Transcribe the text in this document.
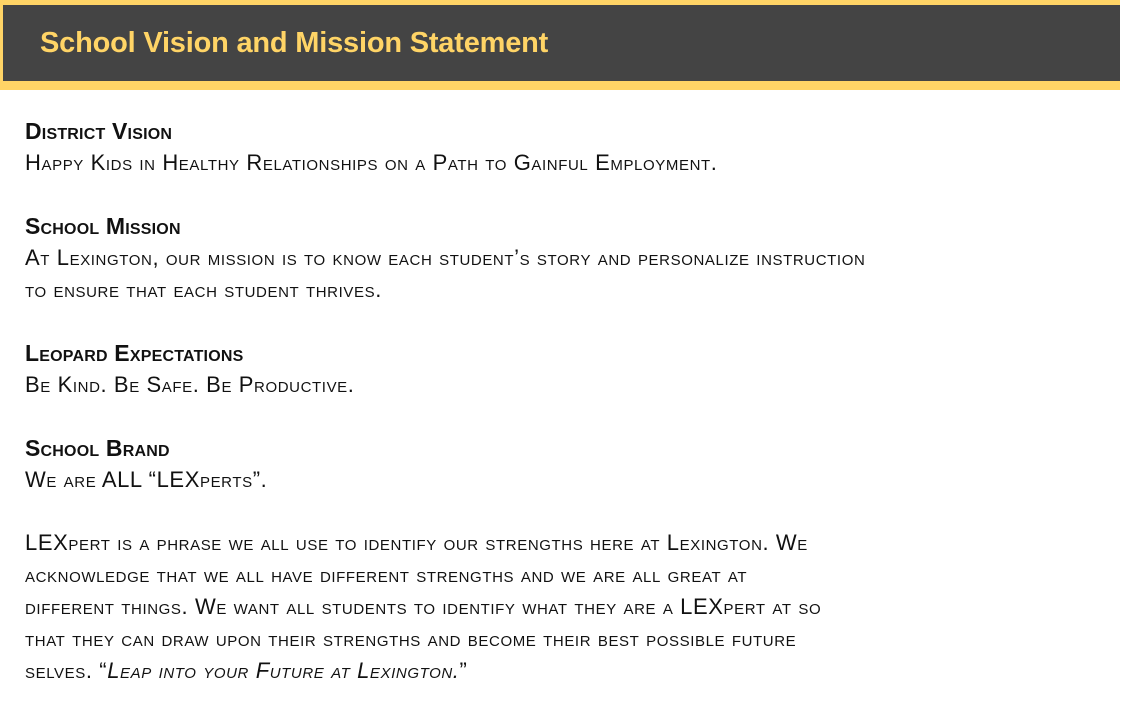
School Vision and Mission Statement
District Vision
Happy Kids in Healthy Relationships on a Path to Gainful Employment.
School Mission
At Lexington, our mission is to know each student’s story and personalize instruction
to ensure that each student thrives.
Leopard Expectations
Be Kind. Be Safe. Be Productive.
School Brand
We are ALL “LEXperts”.
LEXpert is a phrase we all use to identify our strengths here at Lexington. We
acknowledge that we all have different strengths and we are all great at
different things. We want all students to identify what they are a LEXpert at so
that they can draw upon their strengths and become their best possible future
selves. “Leap into your Future at Lexington.”
